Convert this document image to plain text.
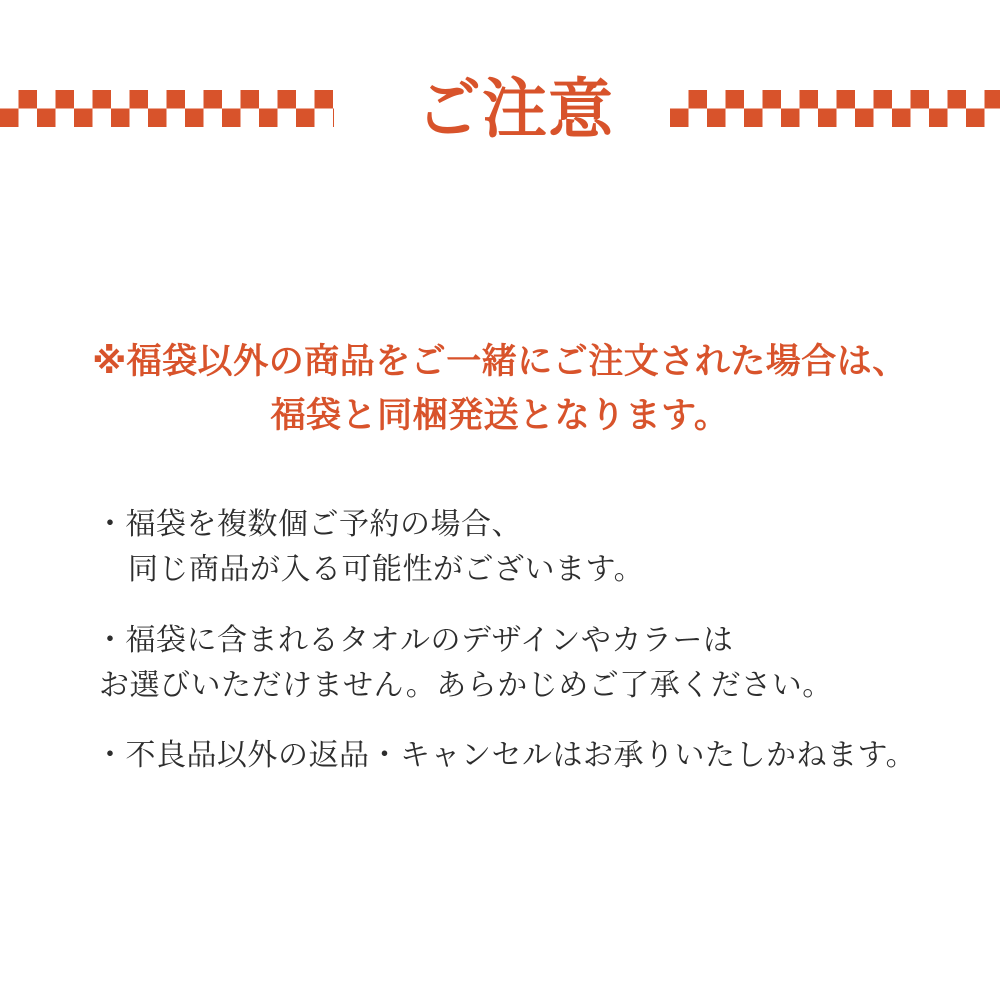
ご注意
※福袋以外の商品をご一緒にご注文された場合は、
福袋と同梱発送となります。
・福袋を複数個ご予約の場合、
同じ商品が入る可能性がございます。
・福袋に含まれるタオルのデザインやカラーは
お選びいただけません。あらかじめご了承ください。
・不良品以外の返品・キャンセルはお承りいたしかねます。
